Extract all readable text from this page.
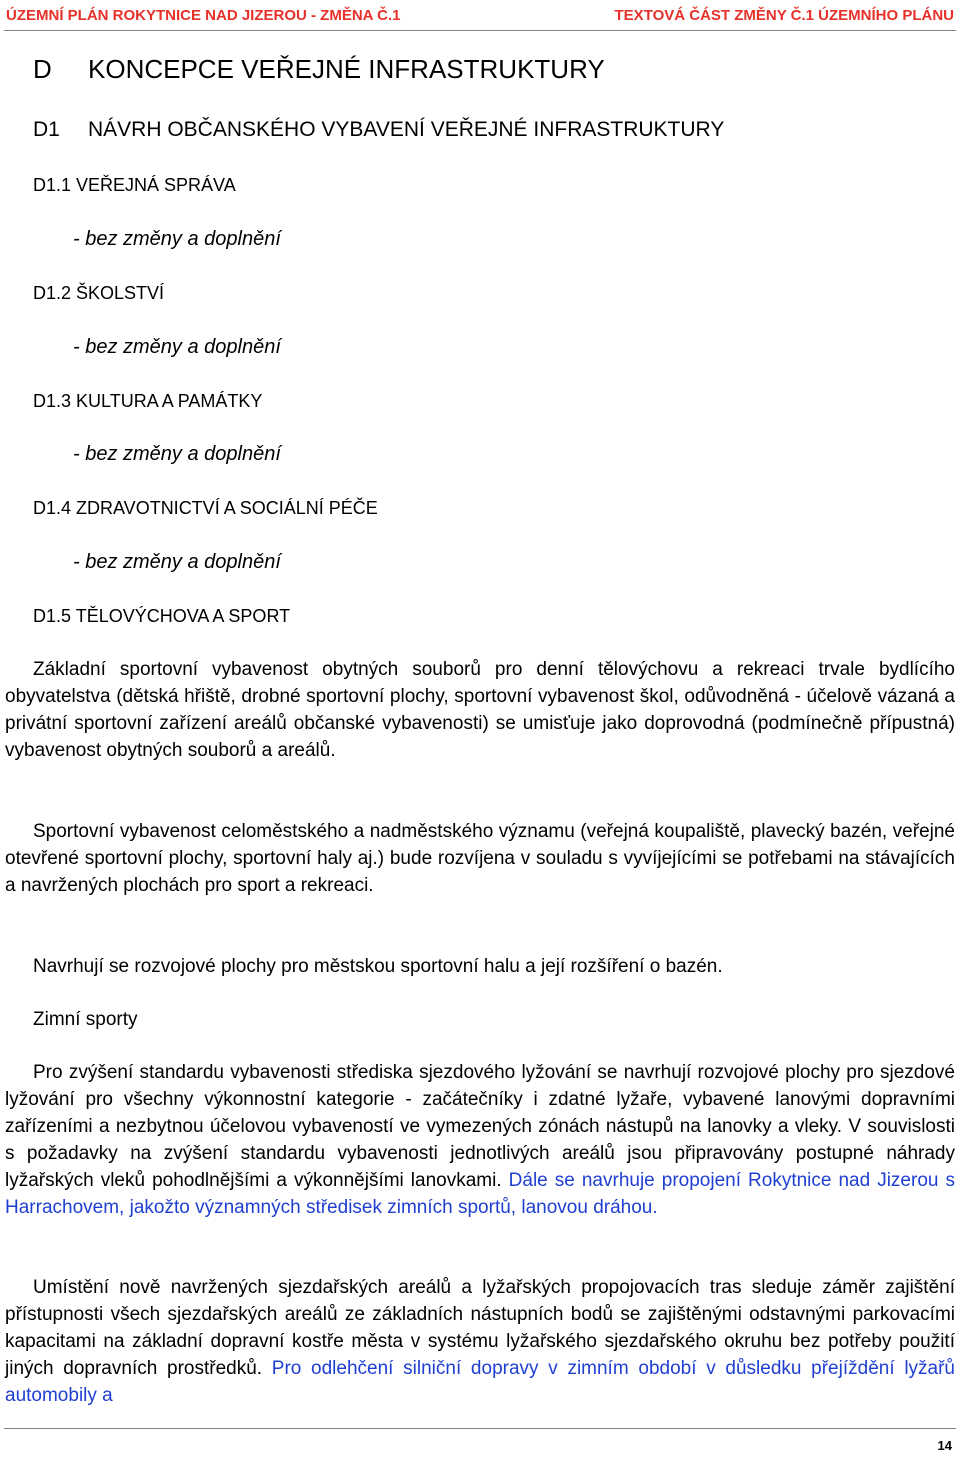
ÚZEMNÍ PLÁN ROKYTNICE NAD JIZEROU - ZMĚNA Č.1	TEXTOVÁ ČÁST ZMĚNY Č.1 ÚZEMNÍHO PLÁNU
D KONCEPCE VEŘEJNÉ INFRASTRUKTURY
D1 NÁVRH OBČANSKÉHO VYBAVENÍ VEŘEJNÉ INFRASTRUKTURY
D1.1 VEŘEJNÁ SPRÁVA
- bez změny a doplnění
D1.2 ŠKOLSTVÍ
- bez změny a doplnění
D1.3 KULTURA A PAMÁTKY
- bez změny a doplnění
D1.4 ZDRAVOTNICTVÍ A SOCIÁLNÍ PÉČE
- bez změny a doplnění
D1.5 TĚLOVÝCHOVA A SPORT

Základní sportovní vybavenost obytných souborů pro denní tělovýchovu a rekreaci trvale bydlícího obyvatelstva (dětská hřiště, drobné sportovní plochy, sportovní vybavenost škol, odůvodněná - účelově vázaná a privátní sportovní zařízení areálů občanské vybavenosti) se umisťuje jako doprovodná (podmínečně přípustná) vybavenost obytných souborů a areálů.

Sportovní vybavenost celoměstského a nadměstského významu (veřejná koupaliště, plavecký bazén, veřejné otevřené sportovní plochy, sportovní haly aj.) bude rozvíjena v souladu s vyvíjejícími se potřebami na stávajících a navržených plochách pro sport a rekreaci.

Navrhují se rozvojové plochy pro městskou sportovní halu a její rozšíření o bazén.

Zimní sporty

Pro zvýšení standardu vybavenosti střediska sjezdového lyžování se navrhují rozvojové plochy pro sjezdové lyžování pro všechny výkonnostní kategorie - začátečníky i zdatné lyžaře, vybavené lanovými dopravními zařízeními a nezbytnou účelovou vybaveností ve vymezených zónách nástupů na lanovky a vleky. V souvislosti s požadavky na zvýšení standardu vybavenosti jednotlivých areálů jsou připravovány postupné náhrady lyžařských vleků pohodlnějšími a výkonnějšími lanovkami. Dále se navrhuje propojení Rokytnice nad Jizerou s Harrachovem, jakožto významných středisek zimních sportů, lanovou dráhou.

Umístění nově navržených sjezdařských areálů a lyžařských propojovacích tras sleduje záměr zajištění přístupnosti všech sjezdařských areálů ze základních nástupních bodů se zajištěnými odstavnými parkovacími kapacitami na základní dopravní kostře města v systému lyžařského sjezdařského okruhu bez potřeby použití jiných dopravních prostředků. Pro odlehčení silniční dopravy v zimním období v důsledku přejíždění lyžařů automobily a

14
